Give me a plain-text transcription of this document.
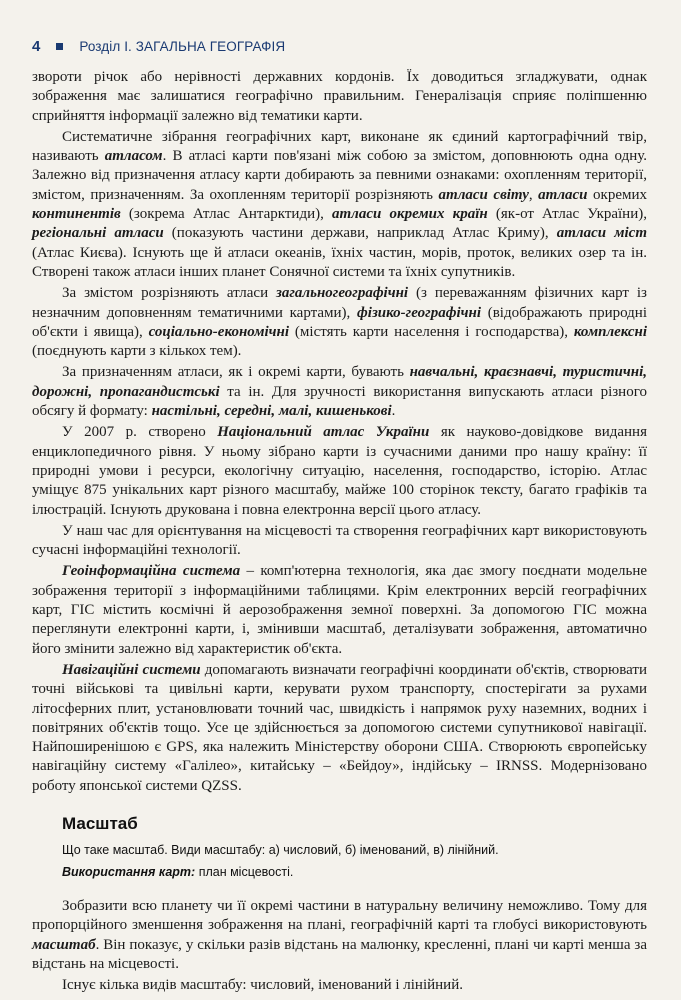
4	Розділ І. ЗАГАЛЬНА ГЕОГРАФІЯ

звороти річок або нерівності державних кордонів. Їх доводиться згладжувати, однак зображення має залишатися географічно правильним. Генералізація сприяє поліпшенню сприйняття інформації залежно від тематики карти.

Систематичне зібрання географічних карт, виконане як єдиний картографічний твір, називають атласом. В атласі карти пов'язані між собою за змістом, доповнюють одна одну. Залежно від призначення атласу карти добирають за певними ознаками: охопленням території, змістом, призначенням. За охопленням території розрізняють атласи світу, атласи окремих континентів (зокрема Атлас Антарктиди), атласи окремих країн (як-от Атлас України), регіональні атласи (показують частини держави, наприклад Атлас Криму), атласи міст (Атлас Києва). Існують ще й атласи океанів, їхніх частин, морів, проток, великих озер та ін. Створені також атласи інших планет Сонячної системи та їхніх супутників.

За змістом розрізняють атласи загальногеографічні (з переважанням фізичних карт із незначним доповненням тематичними картами), фізико-географічні (відображають природні об'єкти і явища), соціально-економічні (містять карти населення і господарства), комплексні (поєднують карти з кількох тем).

За призначенням атласи, як і окремі карти, бувають навчальні, краєзнавчі, туристичні, дорожні, пропагандистські та ін. Для зручності використання випускають атласи різного обсягу й формату: настільні, середні, малі, кишенькові.

У 2007 р. створено Національний атлас України як науково-довідкове видання енциклопедичного рівня. У ньому зібрано карти із сучасними даними про нашу країну: її природні умови і ресурси, екологічну ситуацію, населення, господарство, історію. Атлас уміщує 875 унікальних карт різного масштабу, майже 100 сторінок тексту, багато графіків та ілюстрацій. Існують друкована і повна електронна версії цього атласу.

У наш час для орієнтування на місцевості та створення географічних карт використовують сучасні інформаційні технології.

Геоінформаційна система – комп'ютерна технологія, яка дає змогу поєднати модельне зображення території з інформаційними таблицями. Крім електронних версій географічних карт, ГІС містить космічні й аерозображення земної поверхні. За допомогою ГІС можна переглянути електронні карти, і, змінивши масштаб, деталізувати зображення, автоматично його змінити залежно від характеристик об'єкта.

Навігаційні системи допомагають визначати географічні координати об'єктів, створювати точні військові та цивільні карти, керувати рухом транспорту, спостерігати за рухами літосферних плит, установлювати точний час, швидкість і напрямок руху наземних, водних і повітряних об'єктів тощо. Усе це здійснюється за допомогою системи супутникової навігації. Найпоширенішою є GPS, яка належить Міністерству оборони США. Створюють європейську навігаційну систему «Галілео», китайську – «Бейдоу», індійську – IRNSS. Модернізовано роботу японської системи QZSS.

Масштаб
Що таке масштаб. Види масштабу: а) числовий, б) іменований, в) лінійний.
Використання карт: план місцевості.

Зобразити всю планету чи її окремі частини в натуральну величину неможливо. Тому для пропорційного зменшення зображення на плані, географічній карті та глобусі використовують масштаб. Він показує, у скільки разів відстань на малюнку, кресленні, плані чи карті менша за відстань на місцевості.

Існує кілька видів масштабу: числовий, іменований і лінійний.
